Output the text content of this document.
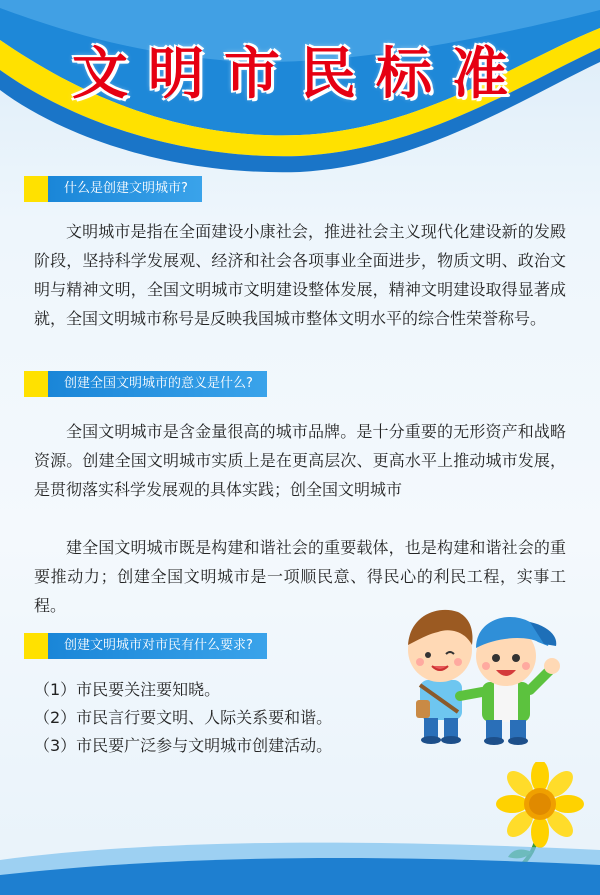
文明市民标准
什么是创建文明城市?

文明城市是指在全面建设小康社会，推进社会主义现代化建设新的发殿阶段，坚持科学发展观、经济和社会各项事业全面进步，物质文明、政治文明与精神文明，全国文明城市文明建设整体发展，精神文明建设取得显著成就，全国文明城市称号是反映我国城市整体文明水平的综合性荣誉称号。

创建全国文明城市的意义是什么?

全国文明城市是含金量很高的城市品牌。是十分重要的无形资产和战略资源。创建全国文明城市实质上是在更高层次、更高水平上推动城市发展，是贯彻落实科学发展观的具体实践；创全国文明城市

建全国文明城市既是构建和谐社会的重要载体，也是构建和谐社会的重要推动力；创建全国文明城市是一项顺民意、得民心的利民工程，实事工程。

创建文明城市对市民有什么要求?
（1）市民要关注要知晓。
（2）市民言行要文明、人际关系要和谐。
（3）市民要广泛参与文明城市创建活动。
